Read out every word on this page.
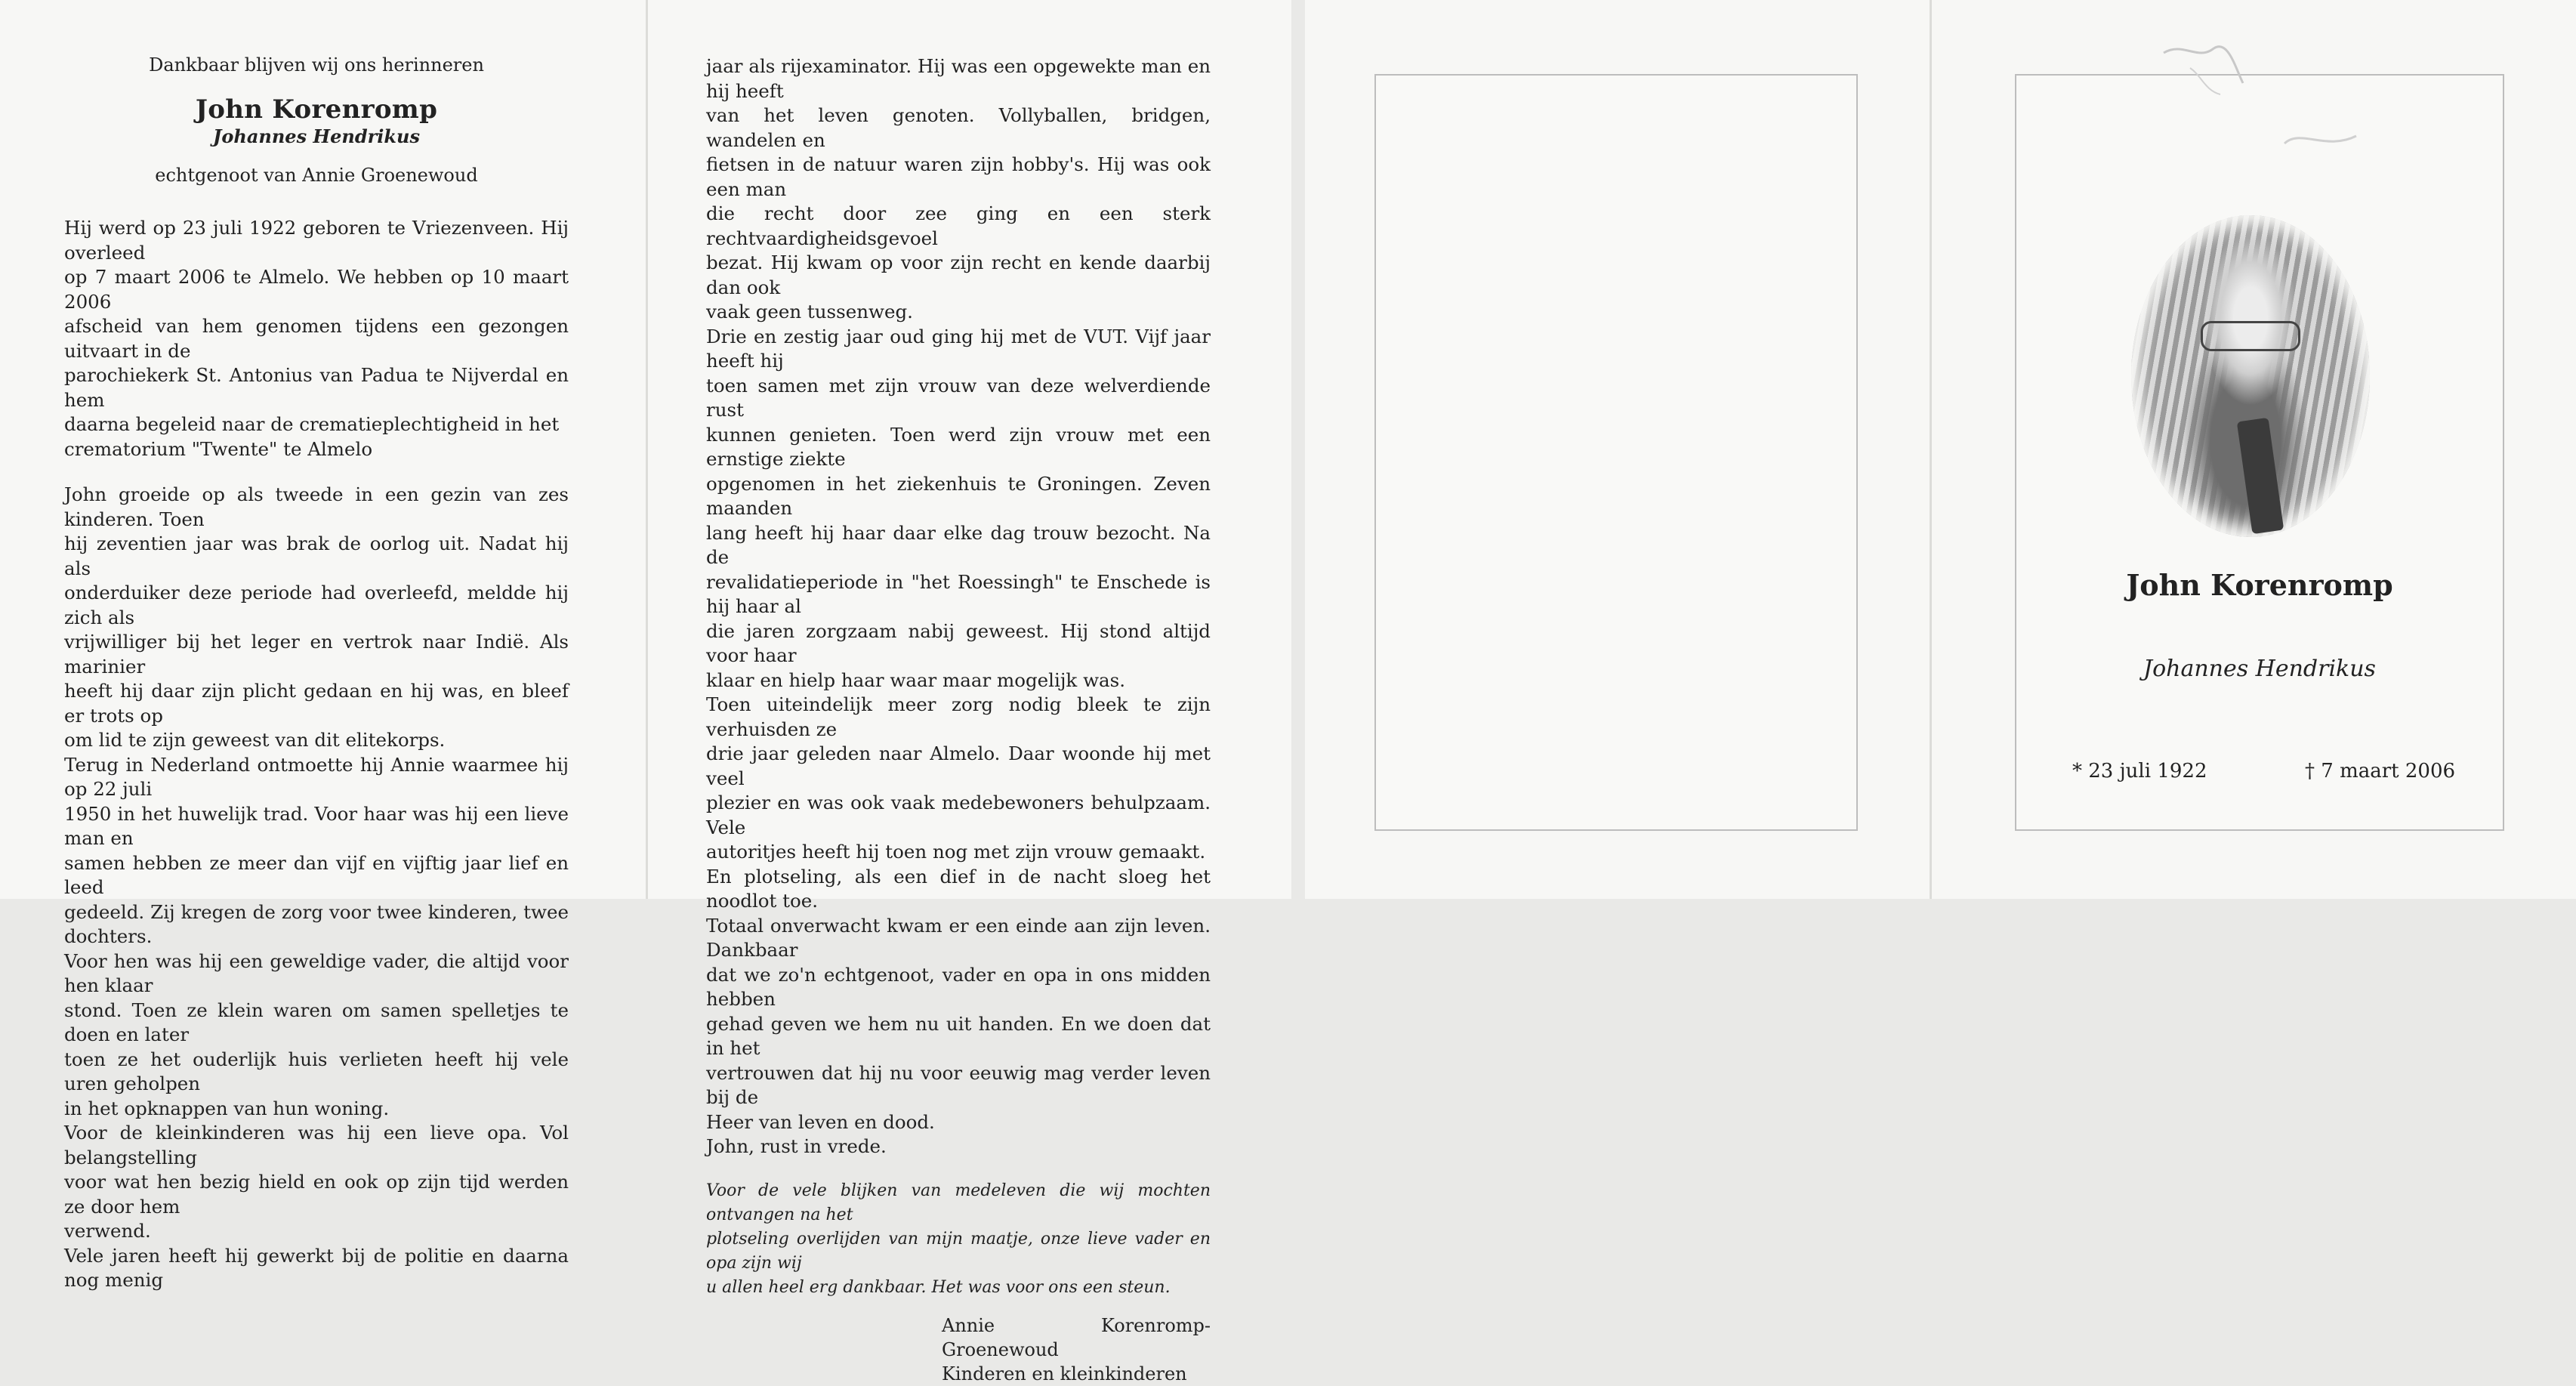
Dankbaar blijven wij ons herinneren
John Korenromp
Johannes Hendrikus
echtgenoot van Annie Groenewoud

Hij werd op 23 juli 1922 geboren te Vriezenveen. Hij overleed

op 7 maart 2006 te Almelo. We hebben op 10 maart 2006

afscheid van hem genomen tijdens een gezongen uitvaart in de

parochiekerk St. Antonius van Padua te Nijverdal en hem

daarna begeleid naar de crematieplechtigheid in het

crematorium "Twente" te Almelo

John groeide op als tweede in een gezin van zes kinderen. Toen

hij zeventien jaar was brak de oorlog uit. Nadat hij als

onderduiker deze periode had overleefd, meldde hij zich als

vrijwilliger bij het leger en vertrok naar Indië. Als marinier

heeft hij daar zijn plicht gedaan en hij was, en bleef er trots op

om lid te zijn geweest van dit elitekorps.

Terug in Nederland ontmoette hij Annie waarmee hij op 22 juli

1950 in het huwelijk trad. Voor haar was hij een lieve man en

samen hebben ze meer dan vijf en vijftig jaar lief en leed

gedeeld. Zij kregen de zorg voor twee kinderen, twee dochters.

Voor hen was hij een geweldige vader, die altijd voor hen klaar

stond. Toen ze klein waren om samen spelletjes te doen en later

toen ze het ouderlijk huis verlieten heeft hij vele uren geholpen

in het opknappen van hun woning.

Voor de kleinkinderen was hij een lieve opa. Vol belangstelling

voor wat hen bezig hield en ook op zijn tijd werden ze door hem

verwend.

Vele jaren heeft hij gewerkt bij de politie en daarna nog menig

jaar als rijexaminator. Hij was een opgewekte man en hij heeft

van het leven genoten. Vollyballen, bridgen, wandelen en

fietsen in de natuur waren zijn hobby's. Hij was ook een man

die recht door zee ging en een sterk rechtvaardigheidsgevoel

bezat. Hij kwam op voor zijn recht en kende daarbij dan ook

vaak geen tussenweg.

Drie en zestig jaar oud ging hij met de VUT. Vijf jaar heeft hij

toen samen met zijn vrouw van deze welverdiende rust

kunnen genieten. Toen werd zijn vrouw met een ernstige ziekte

opgenomen in het ziekenhuis te Groningen. Zeven maanden

lang heeft hij haar daar elke dag trouw bezocht. Na de

revalidatieperiode in "het Roessingh" te Enschede is hij haar al

die jaren zorgzaam nabij geweest. Hij stond altijd voor haar

klaar en hielp haar waar maar mogelijk was.

Toen uiteindelijk meer zorg nodig bleek te zijn verhuisden ze

drie jaar geleden naar Almelo. Daar woonde hij met veel

plezier en was ook vaak medebewoners behulpzaam. Vele

autoritjes heeft hij toen nog met zijn vrouw gemaakt.

En plotseling, als een dief in de nacht sloeg het noodlot toe.

Totaal onverwacht kwam er een einde aan zijn leven. Dankbaar

dat we zo'n echtgenoot, vader en opa in ons midden hebben

gehad geven we hem nu uit handen. En we doen dat in het

vertrouwen dat hij nu voor eeuwig mag verder leven bij de

Heer van leven en dood.

John, rust in vrede.

Voor de vele blijken van medeleven die wij mochten ontvangen na het

plotseling overlijden van mijn maatje, onze lieve vader en opa zijn wij

u allen heel erg dankbaar. Het was voor ons een steun.

Annie Korenromp-Groenewoud

Kinderen en kleinkinderen

John Korenromp
Johannes Hendrikus
* 23 juli 1922	† 7 maart 2006
